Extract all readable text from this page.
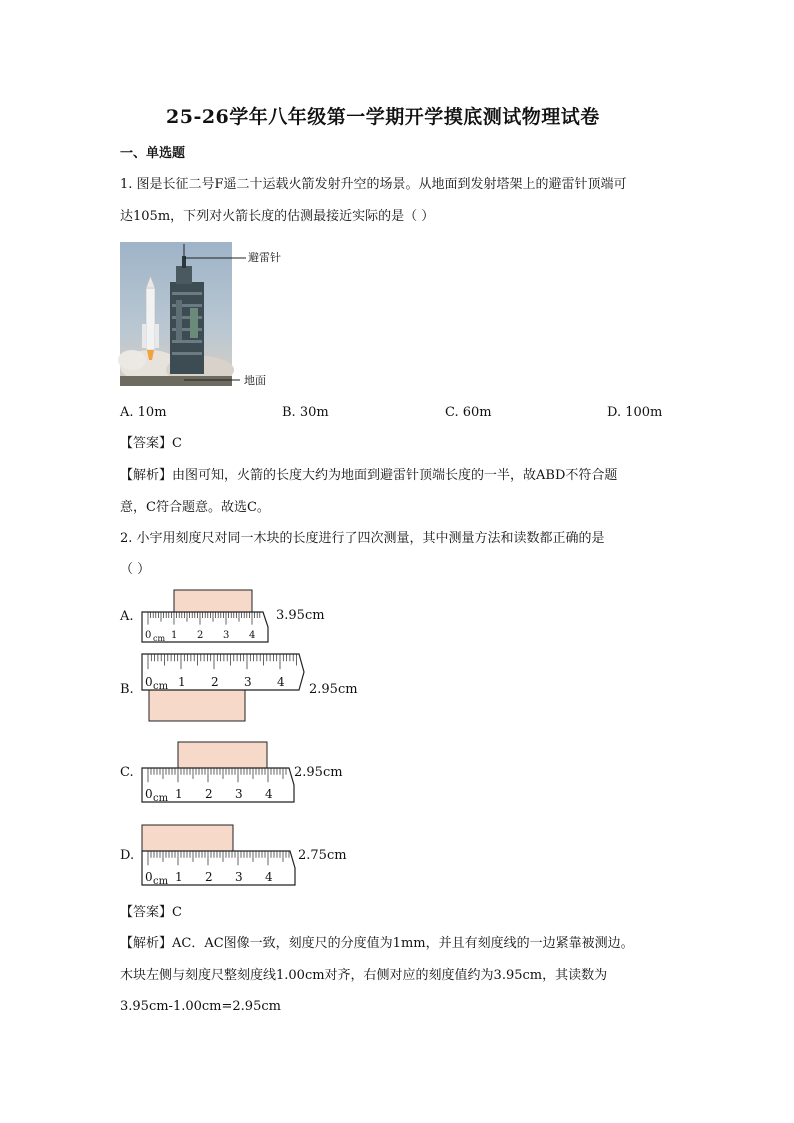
25-26学年八年级第一学期开学摸底测试物理试卷
一、单选题
1. 图是长征二号F遥二十运载火箭发射升空的场景。从地面到发射塔架上的避雷针顶端可
达105m，下列对火箭长度的估测最接近实际的是（ ）
避雷针
地面
A. 10m	B. 30m	C. 60m	D. 100m
【答案】C
【解析】由图可知，火箭的长度大约为地面到避雷针顶端长度的一半，故ABD不符合题
意，C符合题意。故选C。
2. 小宇用刻度尺对同一木块的长度进行了四次测量，其中测量方法和读数都正确的是
（ ）
A.
0 1 2 3 4
cm
3.95cm
B. 0 1 2 3 4
cm	2.95cm
C.
0 1 2 3 4
cm
2.95cm
D.
0 1 2 3 4
cm
2.75cm
【答案】C
【解析】AC．AC图像一致，刻度尺的分度值为1mm，并且有刻度线的一边紧靠被测边。
木块左侧与刻度尺整刻度线1.00cm对齐，右侧对应的刻度值约为3.95cm，其读数为
3.95cm-1.00cm=2.95cm
